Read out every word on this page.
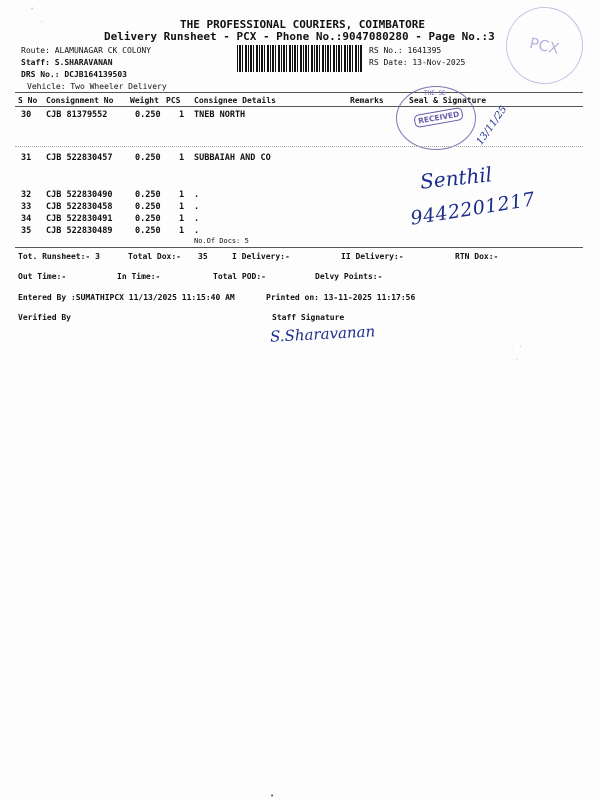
•
-	THE PROFESSIONAL COURIERS, COIMBATORE
Delivery Runsheet - PCX - Phone No.:9047080280 - Page No.:3	PCX
Route: ALAMUNAGAR CK COLONY
Staff: S.SHARAVANAN
DRS No.: DCJB164139503
Vehicle: Two Wheeler Delivery
RS No.: 1641395
RS Date: 13-Nov-2025
S No Consignment No Weight PCS Consignee Details	Remarks	Seal & Signature
THE SE
RECEIVED	13/11/25
30 CJB 81379552	0.250 1 TNEB NORTH
31 CJB 522830457	0.250 1 SUBBAIAH AND CO
Senthil
9442201217
32 CJB 522830490	0.250 1 .
33 CJB 522830458	0.250 1 .
34 CJB 522830491	0.250 1 .
35 CJB 522830489	0.250 1 .
No.Of Docs: 5
Tot. Runsheet:- 3	Total Dox:- 35	I Delivery:-	II Delivery:-	RTN Dox:-
Out Time:-	In Time:-	Total POD:-	Delvy Points:-
Entered By :SUMATHIPCX 11/13/2025 11:15:40 AM	Printed on: 13-11-2025 11:17:56
Verified By	Staff Signature
S.Sharavanan
· ·
.
•
